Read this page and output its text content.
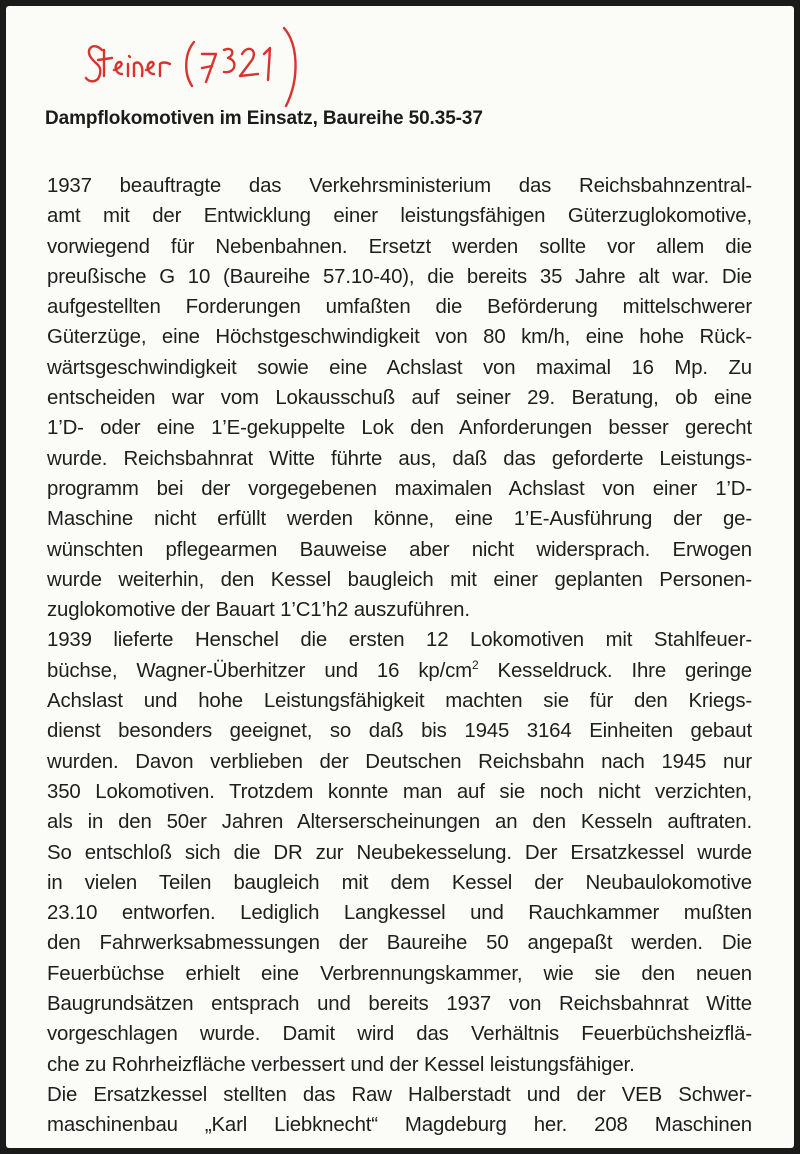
Dampflokomotiven im Einsatz, Baureihe 50.35-37
1937 beauftragte das Verkehrsministerium das Reichsbahnzentral-
amt mit der Entwicklung einer leistungsfähigen Güterzuglokomotive,
vorwiegend für Nebenbahnen. Ersetzt werden sollte vor allem die
preußische G 10 (Baureihe 57.10-40), die bereits 35 Jahre alt war. Die
aufgestellten Forderungen umfaßten die Beförderung mittelschwerer
Güterzüge, eine Höchstgeschwindigkeit von 80 km/h, eine hohe Rück-
wärtsgeschwindigkeit sowie eine Achslast von maximal 16 Mp. Zu
entscheiden war vom Lokausschuß auf seiner 29. Beratung, ob eine
1’D- oder eine 1’E-gekuppelte Lok den Anforderungen besser gerecht
wurde. Reichsbahnrat Witte führte aus, daß das geforderte Leistungs-
programm bei der vorgegebenen maximalen Achslast von einer 1’D-
Maschine nicht erfüllt werden könne, eine 1’E-Ausführung der ge-
wünschten pflegearmen Bauweise aber nicht widersprach. Erwogen
wurde weiterhin, den Kessel baugleich mit einer geplanten Personen-
zuglokomotive der Bauart 1’C1’h2 auszuführen.
1939 lieferte Henschel die ersten 12 Lokomotiven mit Stahlfeuer-
büchse, Wagner-Überhitzer und 16 $kp/cm^2$ Kesseldruck. Ihre geringe
Achslast und hohe Leistungsfähigkeit machten sie für den Kriegs-
dienst besonders geeignet, so daß bis 1945 3164 Einheiten gebaut
wurden. Davon verblieben der Deutschen Reichsbahn nach 1945 nur
350 Lokomotiven. Trotzdem konnte man auf sie noch nicht verzichten,
als in den 50er Jahren Alterserscheinungen an den Kesseln auftraten.
So entschloß sich die DR zur Neubekesselung. Der Ersatzkessel wurde
in vielen Teilen baugleich mit dem Kessel der Neubaulokomotive
23.10 entworfen. Lediglich Langkessel und Rauchkammer mußten
den Fahrwerksabmessungen der Baureihe 50 angepaßt werden. Die
Feuerbüchse erhielt eine Verbrennungskammer, wie sie den neuen
Baugrundsätzen entsprach und bereits 1937 von Reichsbahnrat Witte
vorgeschlagen wurde. Damit wird das Verhältnis Feuerbüchsheizflä-
che zu Rohrheizfläche verbessert und der Kessel leistungsfähiger.
Die Ersatzkessel stellten das Raw Halberstadt und der VEB Schwer-
maschinenbau „Karl Liebknecht“ Magdeburg her. 208 Maschinen
